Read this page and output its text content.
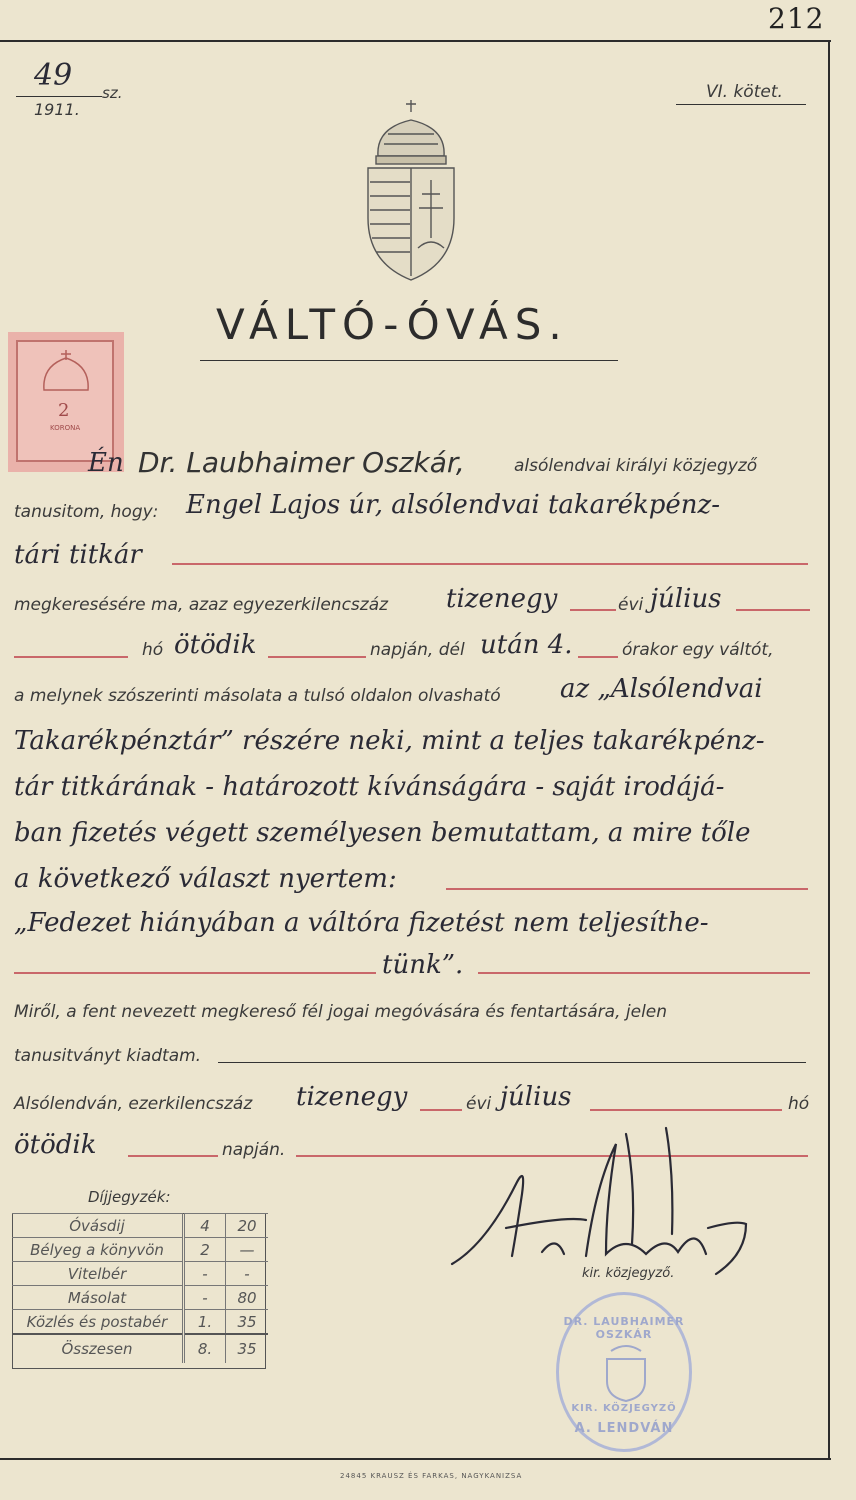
212
49 sz.
1911.
VI. kötet.
VÁLTÓ-ÓVÁS.
2
KORONA
Én Dr. Laubhaimer Oszkár,	alsólendvai királyi közjegyző
tanusitom, hogy: Engel Lajos úr, alsólendvai takarékpénz-
tári titkár
megkeresésére ma, azaz egyezerkilencszáz tizenegy	évi július
hó ötödik	napján, dél után 4.	órakor egy váltót,
a melynek szószerinti másolata a tulsó oldalon olvasható az „Alsólendvai
Takarékpénztár” részére neki, mint a teljes takarékpénz-
tár titkárának - határozott kívánságára - saját irodájá-
ban fizetés végett személyesen bemutattam, a mire tőle
a következő választ nyertem:
„Fedezet hiányában a váltóra fizetést nem teljesíthe-
tünk”.
Miről, a fent nevezett megkereső fél jogai megóvására és fentartására, jelen
tanusitványt kiadtam.
Alsólendván, ezerkilencszáz tizenegy	évi július	hó
ötödik	napján.
Díjjegyzék:
Óvásdij	4	20
Bélyeg a könyvön	2	—
Vitelbér	-	-
Másolat	-	80
Közlés és postabér	1.	35
Összesen	8.	35
kir. közjegyző.
DR. LAUBHAIMER OSZKÁR
KIR. KÖZJEGYZŐ
A. LENDVÁN
24845 KRAUSZ ÉS FARKAS, NAGYKANIZSA
